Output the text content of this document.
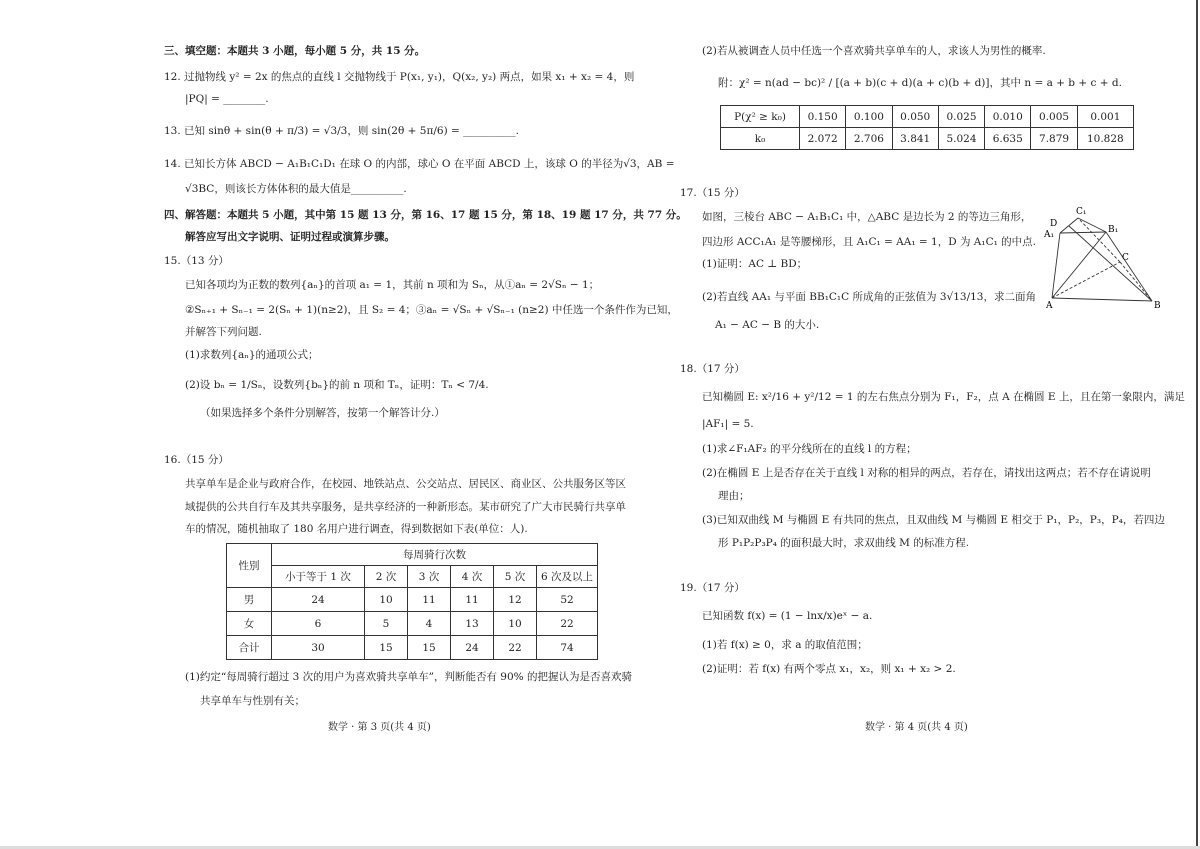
三、填空题：本题共 3 小题，每小题 5 分，共 15 分。
12. 过抛物线 y² = 2x 的焦点的直线 l 交抛物线于 P(x₁, y₁)，Q(x₂, y₂) 两点，如果 x₁ + x₂ = 4，则
|PQ| = ________.
13. 已知 sinθ + sin(θ + π/3) = √3/3，则 sin(2θ + 5π/6) = __________.
14. 已知长方体 ABCD − A₁B₁C₁D₁ 在球 O 的内部，球心 O 在平面 ABCD 上，该球 O 的半径为√3，AB =
√3BC，则该长方体体积的最大值是__________.
四、解答题：本题共 5 小题，其中第 15 题 13 分，第 16、17 题 15 分，第 18、19 题 17 分，共 77 分。
解答应写出文字说明、证明过程或演算步骤。
15.（13 分）
已知各项均为正数的数列{aₙ}的首项 a₁ = 1，其前 n 项和为 Sₙ，从①aₙ = 2√Sₙ − 1；
②Sₙ₊₁ + Sₙ₋₁ = 2(Sₙ + 1)(n≥2)，且 S₂ = 4；③aₙ = √Sₙ + √Sₙ₋₁ (n≥2) 中任选一个条件作为已知，
并解答下列问题.
(1)求数列{aₙ}的通项公式；
(2)设 bₙ = 1/Sₙ，设数列{bₙ}的前 n 项和 Tₙ，证明：Tₙ < 7/4.
（如果选择多个条件分别解答，按第一个解答计分.）
16.（15 分）
共享单车是企业与政府合作，在校园、地铁站点、公交站点、居民区、商业区、公共服务区等区
域提供的公共自行车及其共享服务，是共享经济的一种新形态。某市研究了广大市民骑行共享单
车的情况，随机抽取了 180 名用户进行调查，得到数据如下表(单位：人).
性别	每周骑行次数					
	小于等于 1 次	2 次	3 次	4 次	5 次	6 次及以上
男	24	10	11	11	12	52
女	6	5	4	13	10	22
合计	30	15	15	24	22	74
(1)约定“每周骑行超过 3 次的用户为喜欢骑共享单车”，判断能否有 90% 的把握认为是否喜欢骑
共享单车与性别有关；
数学 · 第 3 页(共 4 页)
(2)若从被调查人员中任选一个喜欢骑共享单车的人，求该人为男性的概率.
附：χ² = n(ad − bc)² / [(a + b)(c + d)(a + c)(b + d)]，其中 n = a + b + c + d.
P(χ² ≥ k₀)	0.150	0.100	0.050	0.025	0.010	0.005	0.001
k₀	2.072	2.706	3.841	5.024	6.635	7.879	10.828
17.（15 分）
如图，三棱台 ABC − A₁B₁C₁ 中，△ABC 是边长为 2 的等边三角形，
四边形 ACC₁A₁ 是等腰梯形，且 A₁C₁ = AA₁ = 1，D 为 A₁C₁ 的中点.
(1)证明：AC ⊥ BD；
(2)若直线 AA₁ 与平面 BB₁C₁C 所成角的正弦值为 3√13/13，求二面角
A₁ − AC − B 的大小.
D
C₁
A₁	B₁
C
A	B
18.（17 分）
已知椭圆 E: x²/16 + y²/12 = 1 的左右焦点分别为 F₁，F₂，点 A 在椭圆 E 上，且在第一象限内，满足
|AF₁| = 5.
(1)求∠F₁AF₂ 的平分线所在的直线 l 的方程；
(2)在椭圆 E 上是否存在关于直线 l 对称的相异的两点，若存在，请找出这两点；若不存在请说明
理由；
(3)已知双曲线 M 与椭圆 E 有共同的焦点，且双曲线 M 与椭圆 E 相交于 P₁，P₂，P₃，P₄，若四边
形 P₁P₂P₃P₄ 的面积最大时，求双曲线 M 的标准方程.
19.（17 分）
已知函数 f(x) = (1 − lnx/x)eˣ − a.
(1)若 f(x) ≥ 0，求 a 的取值范围；
(2)证明：若 f(x) 有两个零点 x₁，x₂，则 x₁ + x₂ > 2.
数学 · 第 4 页(共 4 页)
